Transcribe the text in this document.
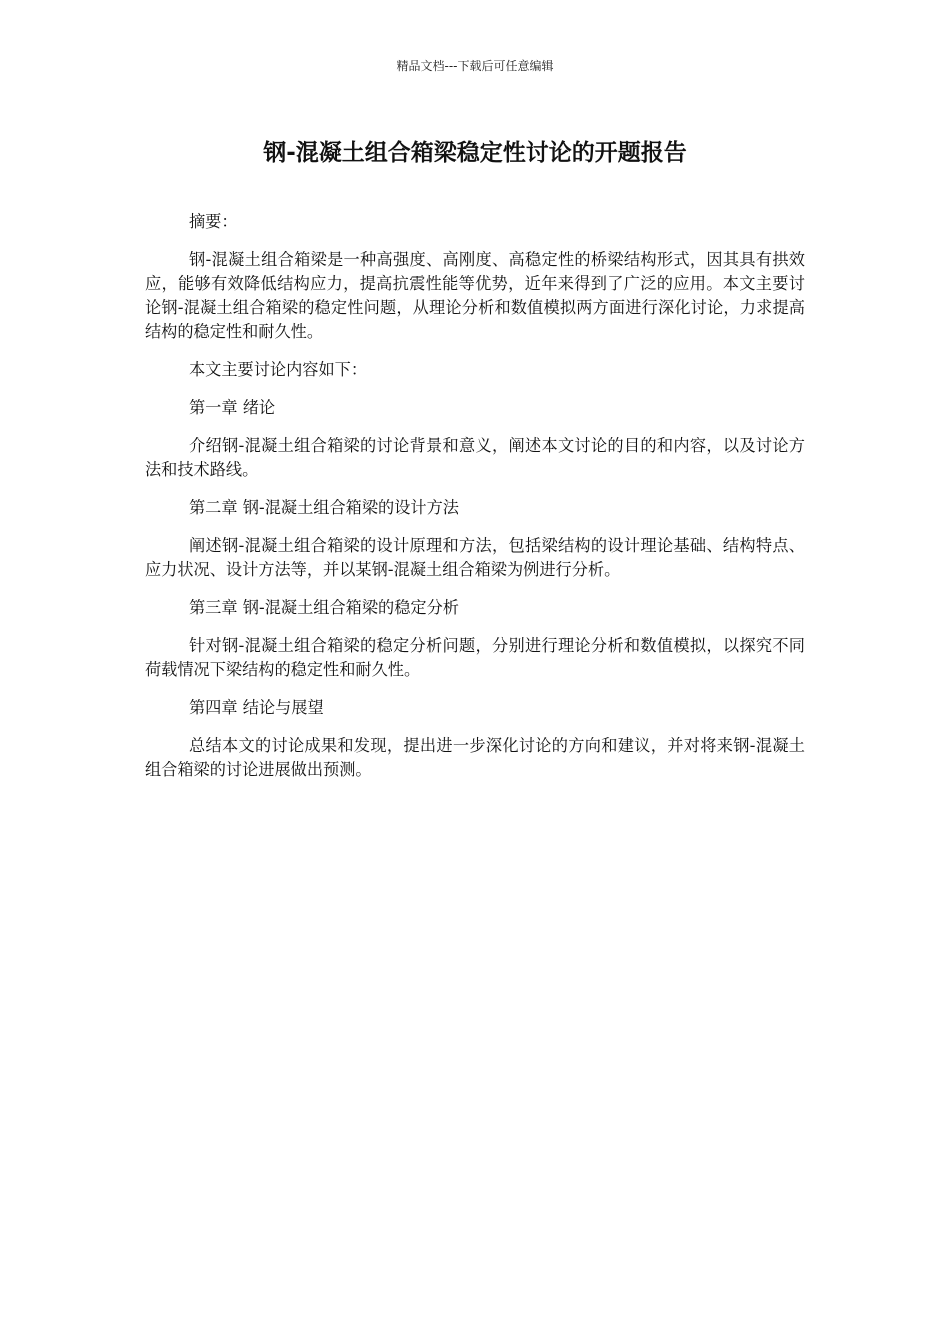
精品文档---下载后可任意编辑
钢-混凝土组合箱梁稳定性讨论的开题报告

摘要：

钢-混凝土组合箱梁是一种高强度、高刚度、高稳定性的桥梁结构形式，因其具有拱效应，能够有效降低结构应力，提高抗震性能等优势，近年来得到了广泛的应用。本文主要讨论钢-混凝土组合箱梁的稳定性问题，从理论分析和数值模拟两方面进行深化讨论，力求提高结构的稳定性和耐久性。

本文主要讨论内容如下：

第一章 绪论

介绍钢-混凝土组合箱梁的讨论背景和意义，阐述本文讨论的目的和内容，以及讨论方法和技术路线。

第二章 钢-混凝土组合箱梁的设计方法

阐述钢-混凝土组合箱梁的设计原理和方法，包括梁结构的设计理论基础、结构特点、应力状况、设计方法等，并以某钢-混凝土组合箱梁为例进行分析。

第三章 钢-混凝土组合箱梁的稳定分析

针对钢-混凝土组合箱梁的稳定分析问题，分别进行理论分析和数值模拟，以探究不同荷载情况下梁结构的稳定性和耐久性。

第四章 结论与展望

总结本文的讨论成果和发现，提出进一步深化讨论的方向和建议，并对将来钢-混凝土组合箱梁的讨论进展做出预测。
